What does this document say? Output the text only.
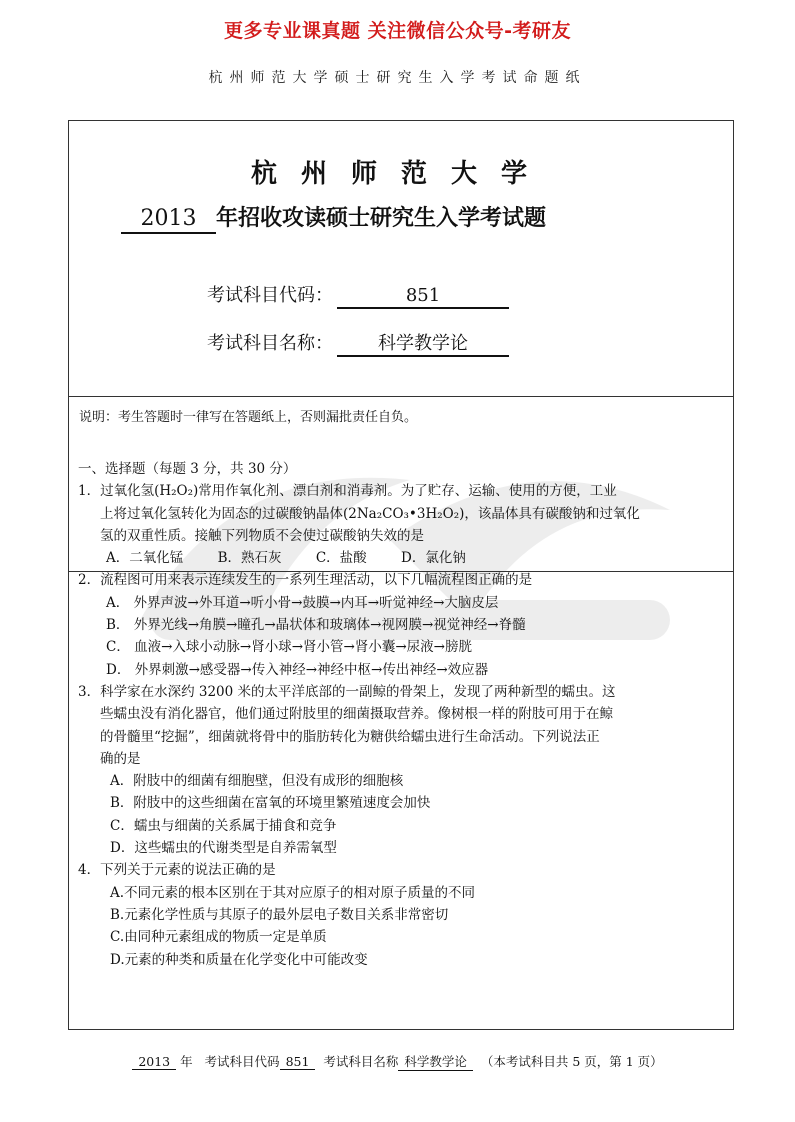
更多专业课真题 关注微信公众号-考研友
杭州师范大学硕士研究生入学考试命题纸
杭州师范大学
2013 年招收攻读硕士研究生入学考试题
考试科目代码：	851
考试科目名称：	科学教学论
说明：考生答题时一律写在答题纸上，否则漏批责任自负。
一、选择题（每题 3 分，共 30 分）
1．过氧化氢(H₂O₂)常用作氧化剂、漂白剂和消毒剂。为了贮存、运输、使用的方便，工业
上将过氧化氢转化为固态的过碳酸钠晶体(2Na₂CO₃•3H₂O₂)，该晶体具有碳酸钠和过氧化
氢的双重性质。接触下列物质不会使过碳酸钠失效的是
A．二氧化锰        B．熟石灰        C．盐酸        D．氯化钠
2．流程图可用来表示连续发生的一系列生理活动，以下几幅流程图正确的是
A． 外界声波→外耳道→听小骨→鼓膜→内耳→听觉神经→大脑皮层
B． 外界光线→角膜→瞳孔→晶状体和玻璃体→视网膜→视觉神经→脊髓
C． 血液→入球小动脉→肾小球→肾小管→肾小囊→尿液→膀胱
D． 外界刺激→感受器→传入神经→神经中枢→传出神经→效应器
3．科学家在水深约 3200 米的太平洋底部的一副鲸的骨架上，发现了两种新型的蠕虫。这
些蠕虫没有消化器官，他们通过附肢里的细菌摄取营养。像树根一样的附肢可用于在鲸
的骨髓里“挖掘”，细菌就将骨中的脂肪转化为糖供给蠕虫进行生命活动。下列说法正
确的是
A．附肢中的细菌有细胞壁，但没有成形的细胞核
B．附肢中的这些细菌在富氧的环境里繁殖速度会加快
C．蠕虫与细菌的关系属于捕食和竞争
D．这些蠕虫的代谢类型是自养需氧型
4．下列关于元素的说法正确的是
A.不同元素的根本区别在于其对应原子的相对原子质量的不同
B.元素化学性质与其原子的最外层电子数目关系非常密切
C.由同种元素组成的物质一定是单质
D.元素的种类和质量在化学变化中可能改变
2013 年 考试科目代码 851 考试科目名称 科学教学论 （本考试科目共 5 页，第 1 页）
